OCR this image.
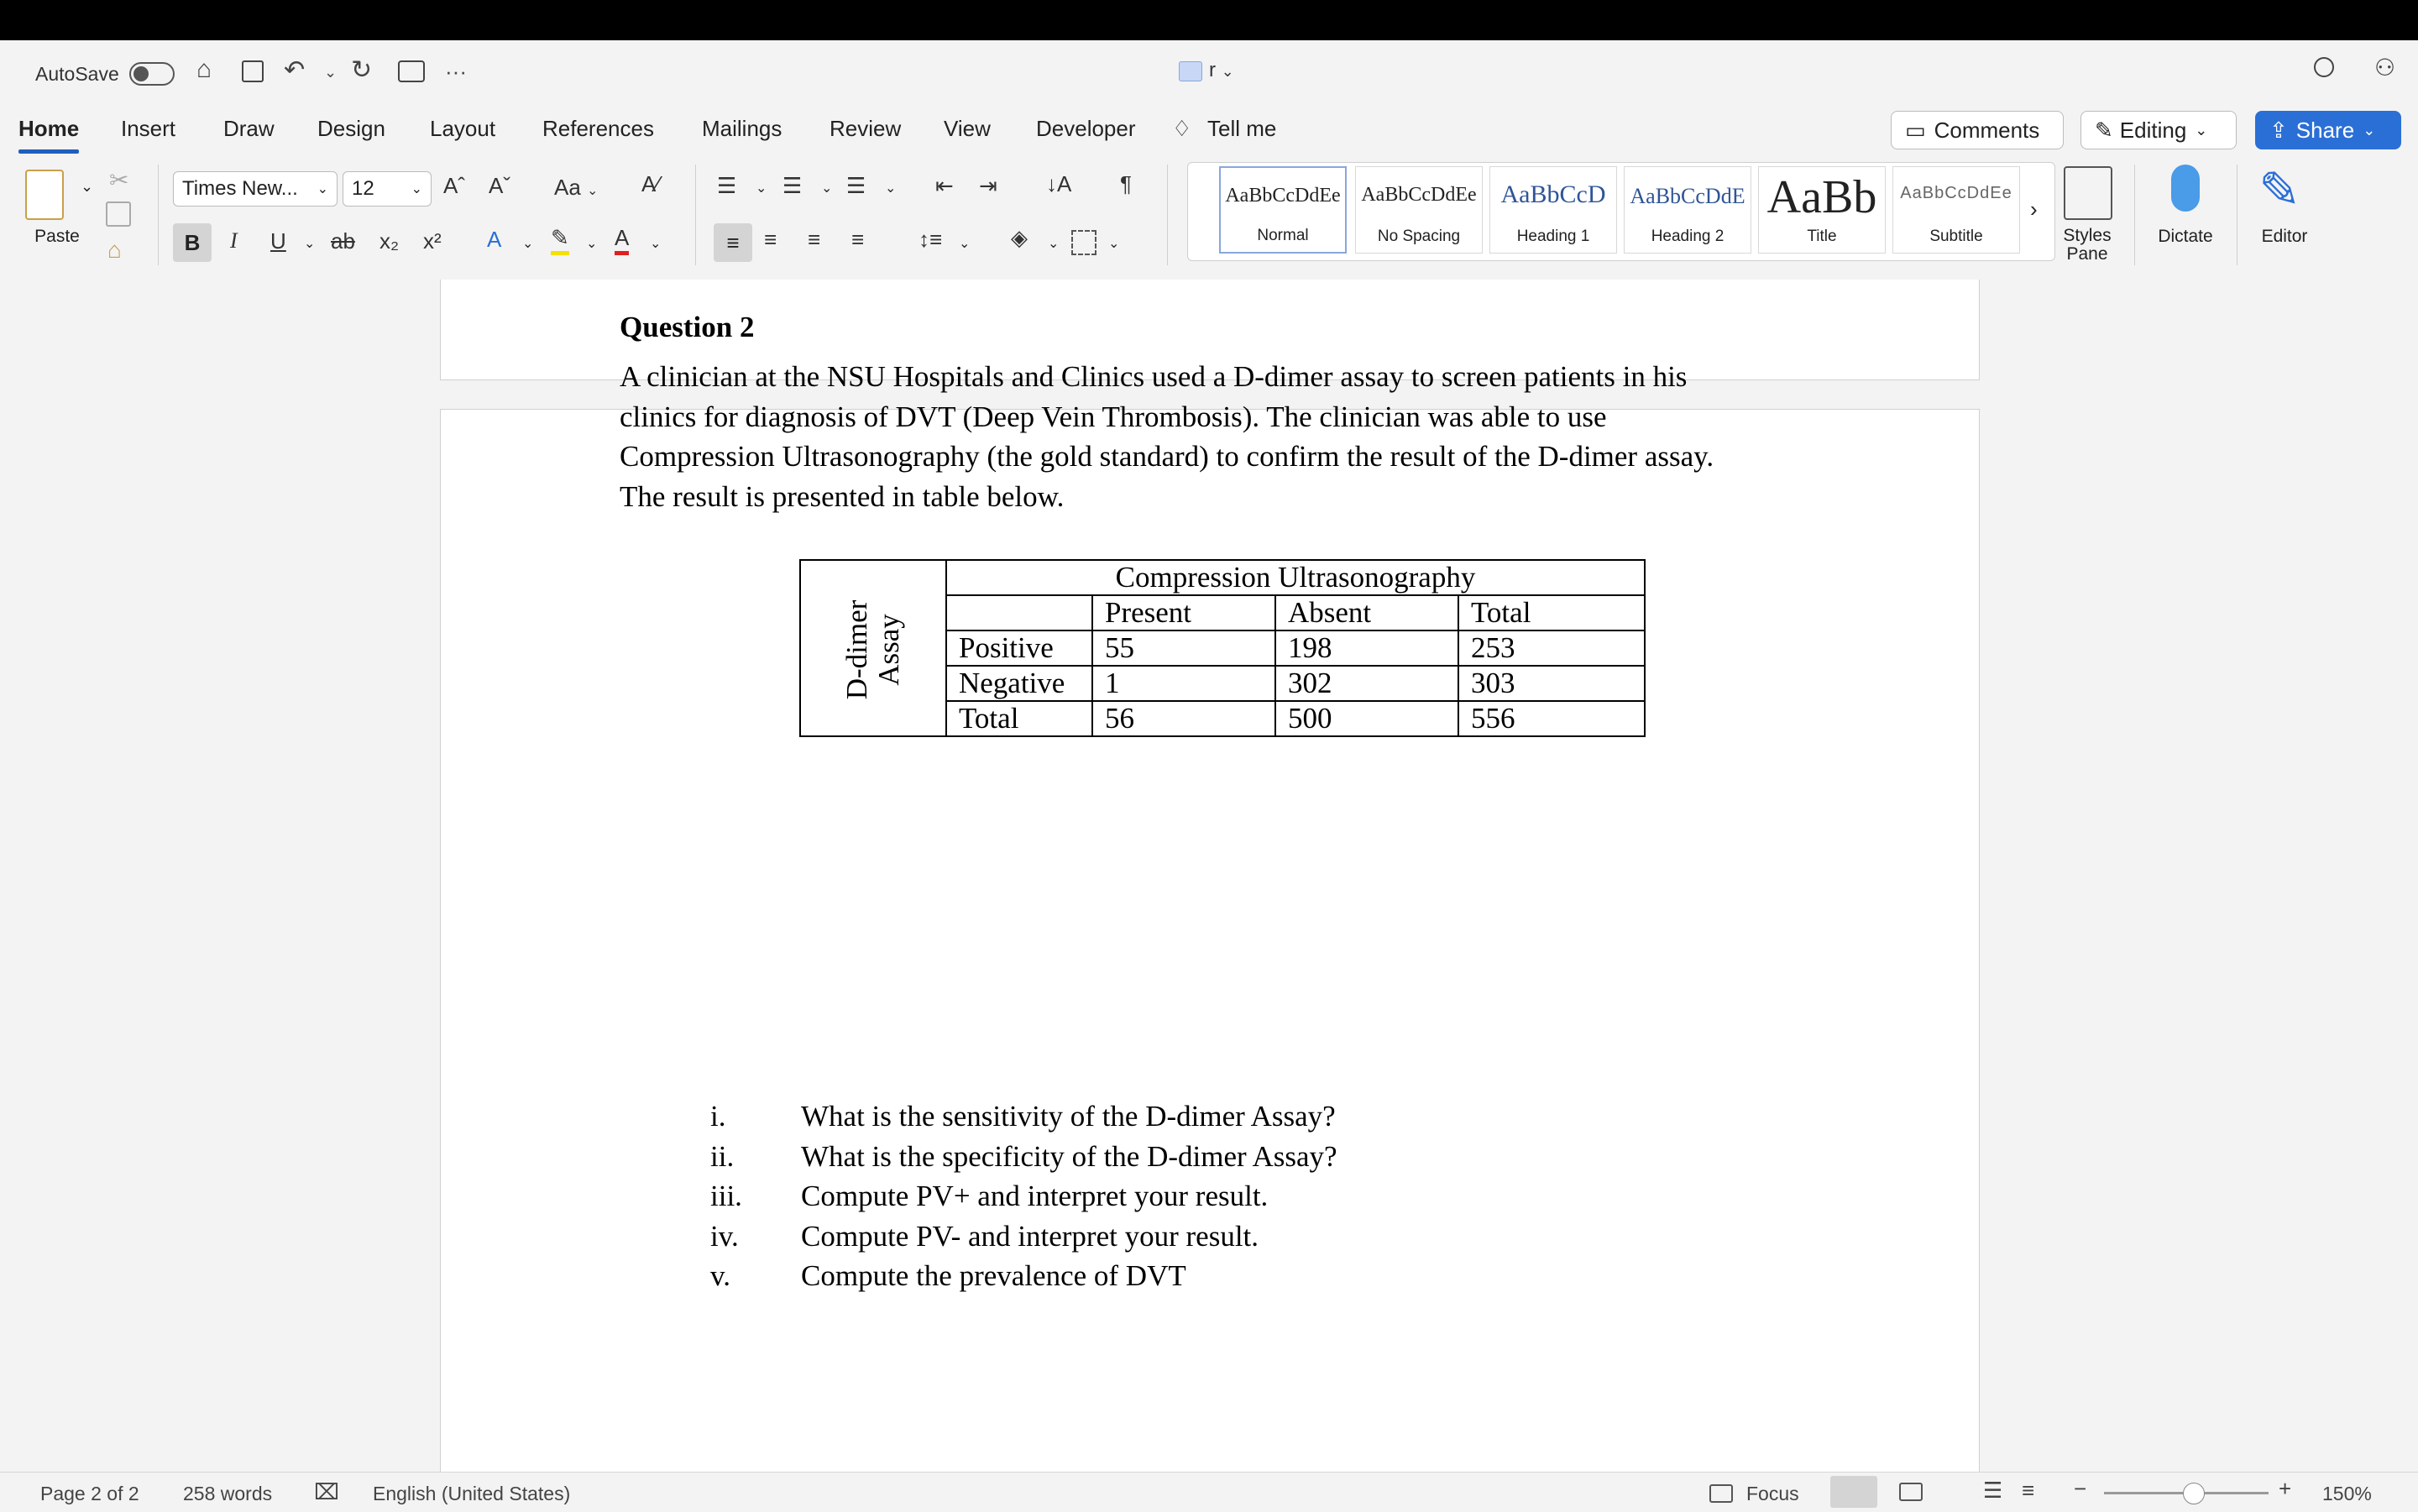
AutoSave	⌂	↶ ⌄ ↻	···	r ⌄	⚇
Home Insert Draw Design Layout References Mailings Review View Developer ♢ Tell me	▭ Comments	✎ Editing ⌄	⇪ Share ⌄
⌄
Paste
✂
⌂
Times New... ⌄ 12	⌄ Aˆ Aˇ Aa ⌄ A⁄
B	I U ⌄ ab x₂ x² A ⌄ ✎ ⌄ A ⌄
☰ ⌄ ☰ ⌄ ☰ ⌄ ⇤ ⇥ ↓A ¶
≡	≡ ≡ ≡ ↕≡ ⌄ ◈ ⌄	⌄
AaBbCcDdEe
Normal
AaBbCcDdEe
No Spacing
AaBbCcD
Heading 1
AaBbCcDdE
Heading 2
AaBb
Title
AaBbCcDdEe
Subtitle
›
Styles
Pane
Dictate
✎
Editor
Question 2
A clinician at the NSU Hospitals and Clinics used a D-dimer assay to screen patients in his clinics for diagnosis of DVT (Deep Vein Thrombosis). The clinician was able to use Compression Ultrasonography (the gold standard) to confirm the result of the D-dimer assay. The result is presented in table below.
D-dimer
Assay	Compression Ultrasonography			
		Present	Absent	Total
	Positive	55	198	253
	Negative	1	302	303
	Total	56	500	556
i.	What is the sensitivity of the D-dimer Assay?
ii.	What is the specificity of the D-dimer Assay?
iii.	Compute PV+ and interpret your result.
iv.	Compute PV- and interpret your result.
v.	Compute the prevalence of DVT
Page 2 of 2 258 words ⌧ English (United States)	Focus	☰ ≡ −	+ 150%
